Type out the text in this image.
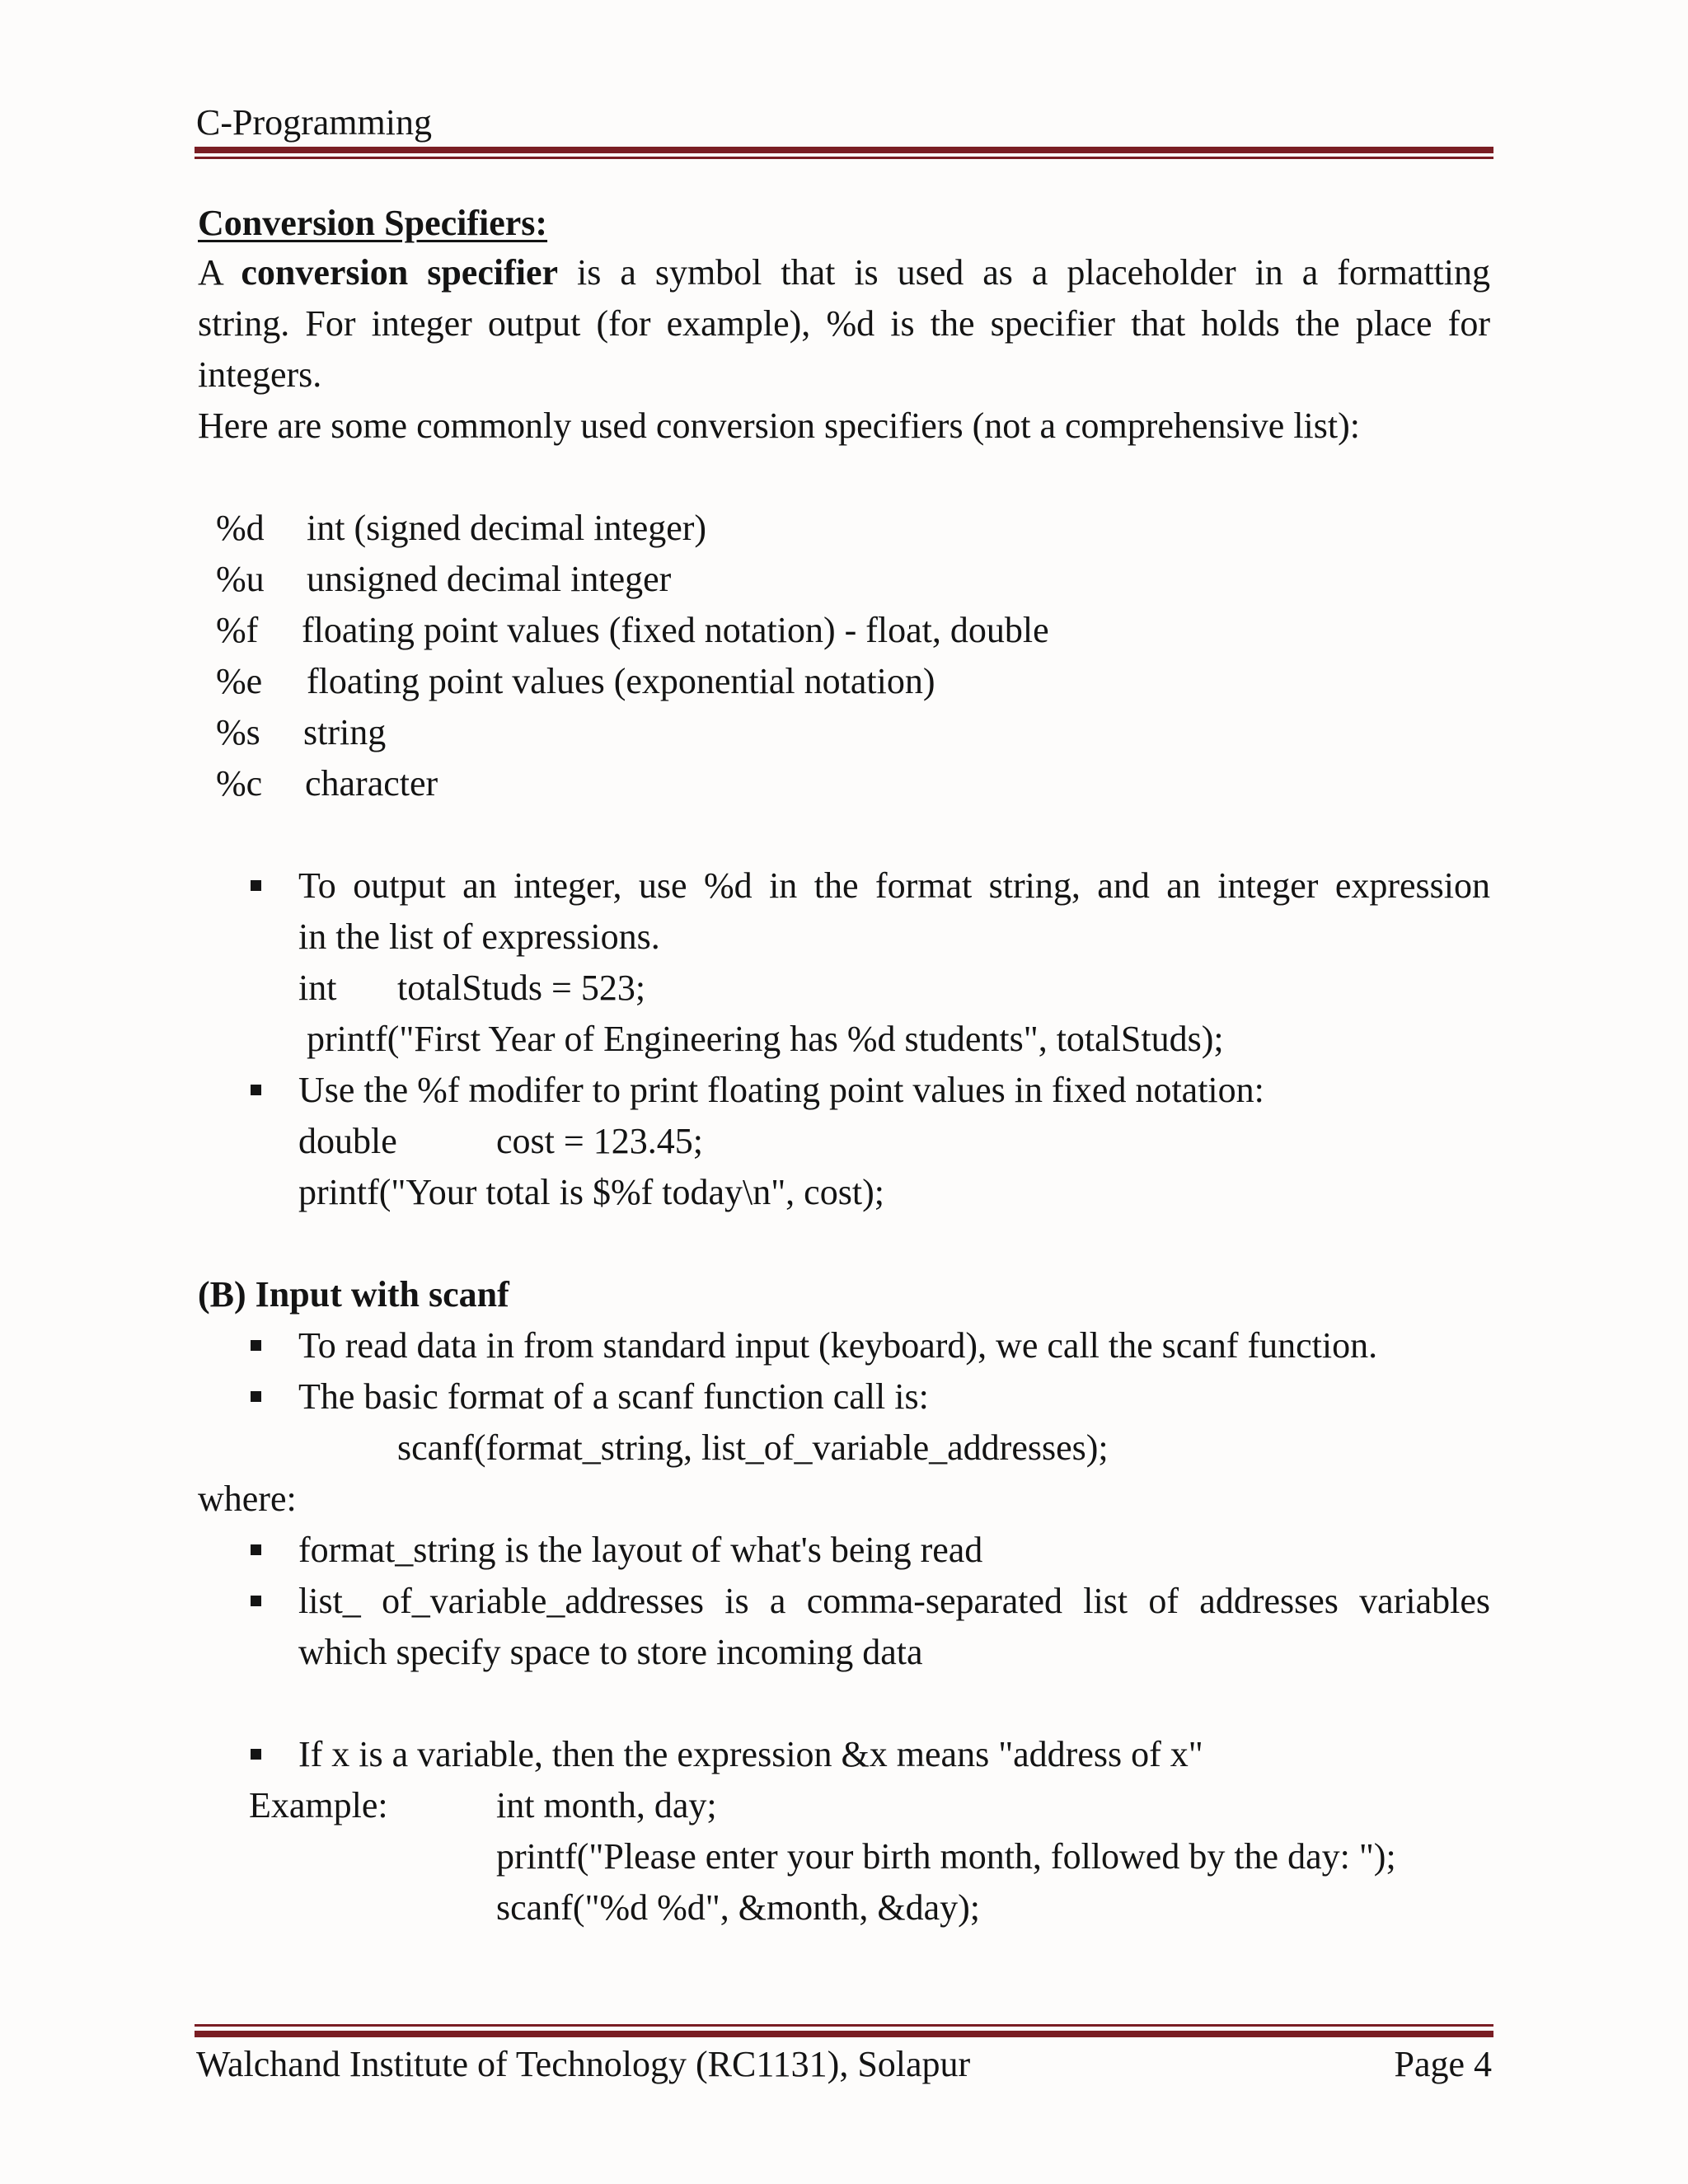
C-Programming
Conversion Specifiers:
A conversion specifier is a symbol that is used as a placeholder in a formatting
string. For integer output (for example), %d is the specifier that holds the place for
integers.
Here are some commonly used conversion specifiers (not a comprehensive list):
%d int (signed decimal integer)
%u unsigned decimal integer
%f floating point values (fixed notation) - float, double
%e floating point values (exponential notation)
%s string
%c character
To output an integer, use %d in the format string, and an integer expression
in the list of expressions.
int totalStuds = 523;
printf("First Year of Engineering has %d students", totalStuds);
Use the %f modifer to print floating point values in fixed notation:
double	cost = 123.45;
printf("Your total is $%f today\n", cost);
(B) Input with scanf
To read data in from standard input (keyboard), we call the scanf function.
The basic format of a scanf function call is:
scanf(format_string, list_of_variable_addresses);
where:
format_string is the layout of what's being read
list_ of_variable_addresses is a comma-separated list of addresses variables
which specify space to store incoming data
If x is a variable, then the expression &x means "address of x"
Example:	int month, day;
printf("Please enter your birth month, followed by the day: ");
scanf("%d %d", &month, &day);
Walchand Institute of Technology (RC1131), Solapur	Page 4
